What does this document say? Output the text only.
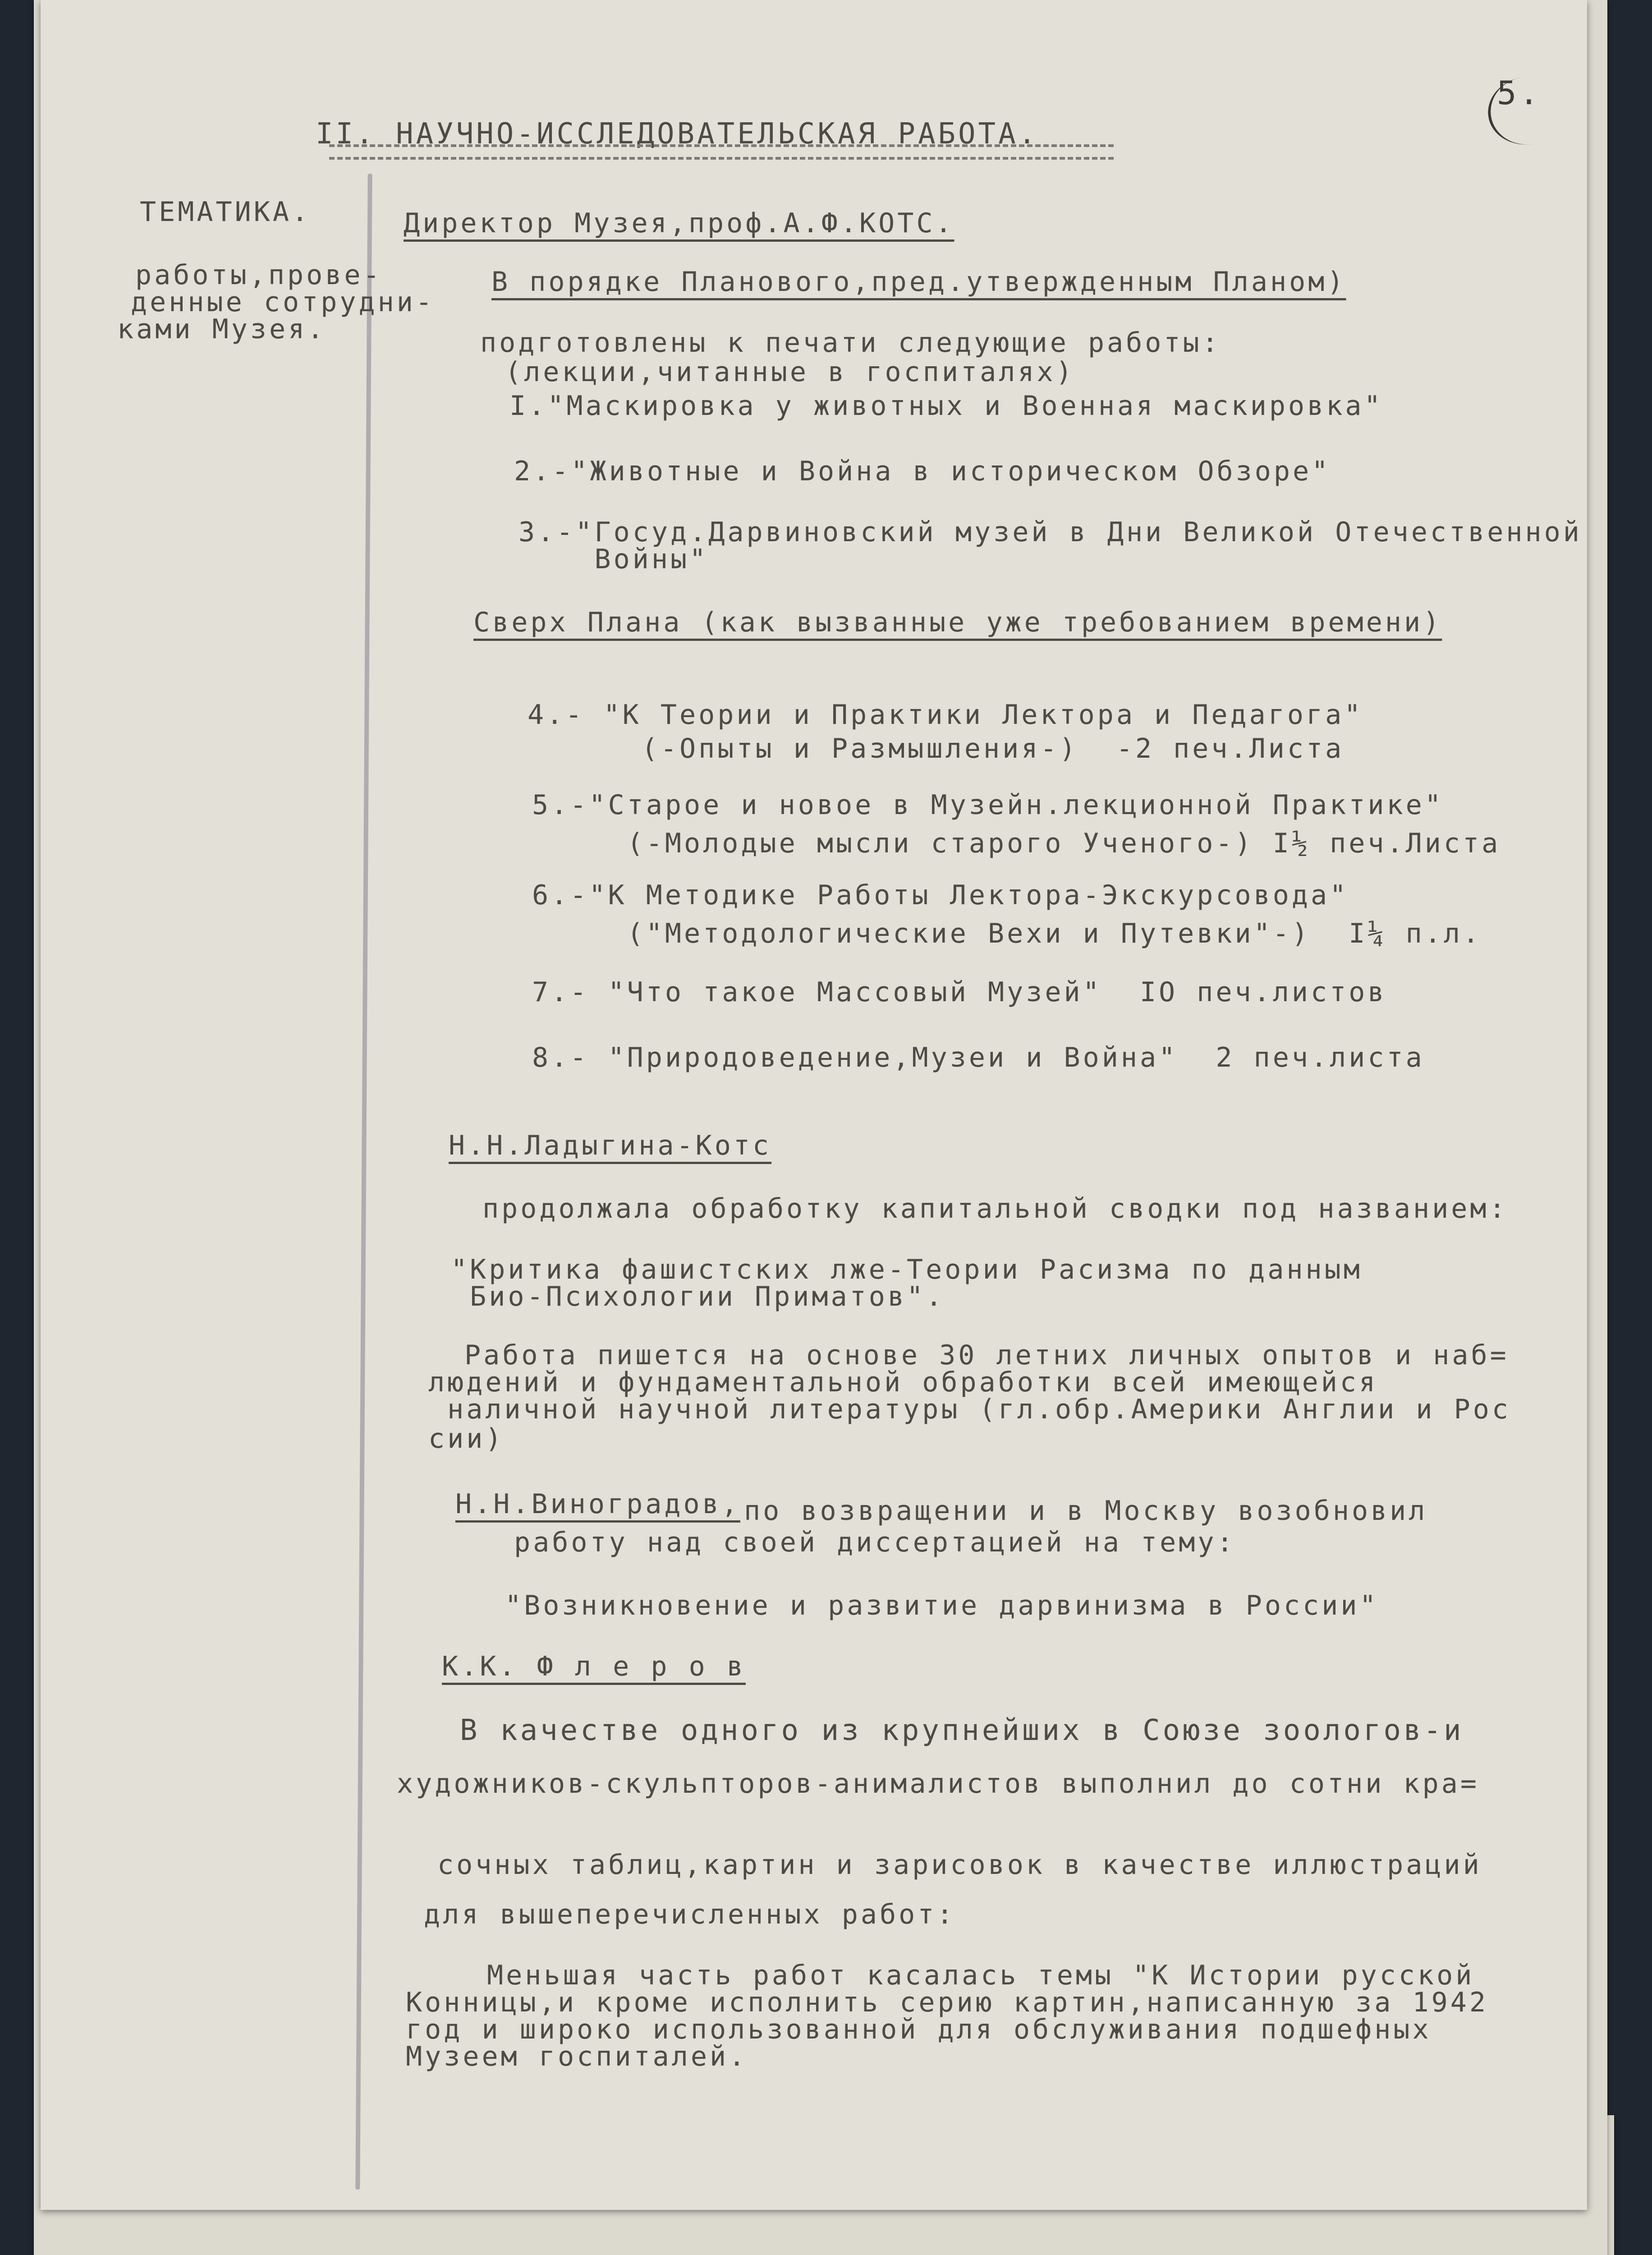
5.
II. НАУЧНО-ИССЛЕДОВАТЕЛЬСКАЯ РАБОТА.
ТЕМАТИКА.
работы,прове-
денные сотрудни-
ками Музея.
Директор Музея,проф.А.Ф.КОТС.
В порядке Планового,пред.утвержденным Планом)
подготовлены к печати следующие работы:
(лекции,читанные в госпиталях)
I."Маскировка у животных и Военная маскировка"
2.-"Животные и Война в историческом Обзоре"
3.-"Госуд.Дарвиновский музей в Дни Великой Отечественной
Войны"
Сверх Плана (как вызванные уже требованием времени)
4.- "К Теории и Практики Лектора и Педагога"
(-Опыты и Размышления-)  -2 печ.Листа
5.-"Старое и новое в Музейн.лекционной Практике"
(-Молодые мысли старого Ученого-) I½ печ.Листа
6.-"К Методике Работы Лектора-Экскурсовода"
("Методологические Вехи и Путевки"-)  I¼ п.л.
7.- "Что такое Массовый Музей"  IO печ.листов
8.- "Природоведение,Музеи и Война"  2 печ.листа
Н.Н.Ладыгина-Котс
продолжала обработку капитальной сводки под названием:
"Критика фашистских лже-Теории Расизма по данным
Био-Психологии Приматов".
Работа пишется на основе 30 летних личных опытов и наб=
людений и фундаментальной обработки всей имеющейся
наличной научной литературы (гл.обр.Америки Англии и Рос
сии)
Н.Н.Виноградов, по возвращении и в Москву возобновил
работу над своей диссертацией на тему:
"Возникновение и развитие дарвинизма в России"
К.К. Ф л е р о в
В качестве одного из крупнейших в Союзе зоологов-и
художников-скульпторов-анималистов выполнил до сотни кра=
сочных таблиц,картин и зарисовок в качестве иллюстраций
для вышеперечисленных работ:
Меньшая часть работ касалась темы "К Истории русской
Конницы,и кроме исполнить серию картин,написанную за 1942
год и широко использованной для обслуживания подшефных
Музеем госпиталей.
